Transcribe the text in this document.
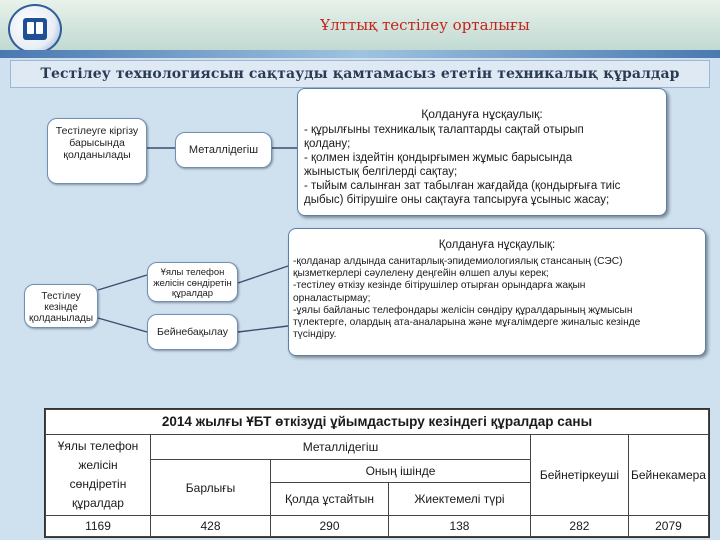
Ұлттық тестілеу орталығы
Тестілеу технологиясын сақтауды қамтамасыз ететін техникалық құралдар
Тестілеуге кіргізу барысында қолданылады	Металлідегіш
Қолдануға нұсқаулық:
- құрылғыны техникалық талаптарды сақтай отырып
қолдану;
- қолмен іздейтін қондырғымен жұмыс барысында
жыныстық белгілерді сақтау;
- тыйым салынған зат табылған жағдайда (қондырғыға тиіс
дыбыс) бітірушіге оны сақтауға тапсыруға ұсыныс жасау;
Тестілеу кезінде қолданылады
Ұялы телефон желісін сөндіретін құралдар
Бейнебақылау
Қолдануға нұсқаулық:
-қолданар алдында санитарлық-эпидемиологиялық стансаның (СЭС)
қызметкерлері сәулелену деңгейін өлшеп алуы керек;
-тестілеу өткізу кезінде бітірушілер отырған орындарға жақын
орналастырмау;
-ұялы байланыс телефондары желісін сөндіру құралдарының жұмысын
түлектерге, олардың ата-аналарына және мұғалімдерге жиналыс кезінде
түсіндіру.
2014 жылғы ҰБТ өткізуді ұйымдастыру кезіндегі құралдар саны					

Ұялы телефон
желісін
сөндіретін
құралдар	Металлідегіш			Бейнетіркеуші	Бейнекамера
	Барлығы	Оның ішінде			
		Қолда ұстайтын	Жиектемелі түрі		
1169	428	290	138	282	2079
